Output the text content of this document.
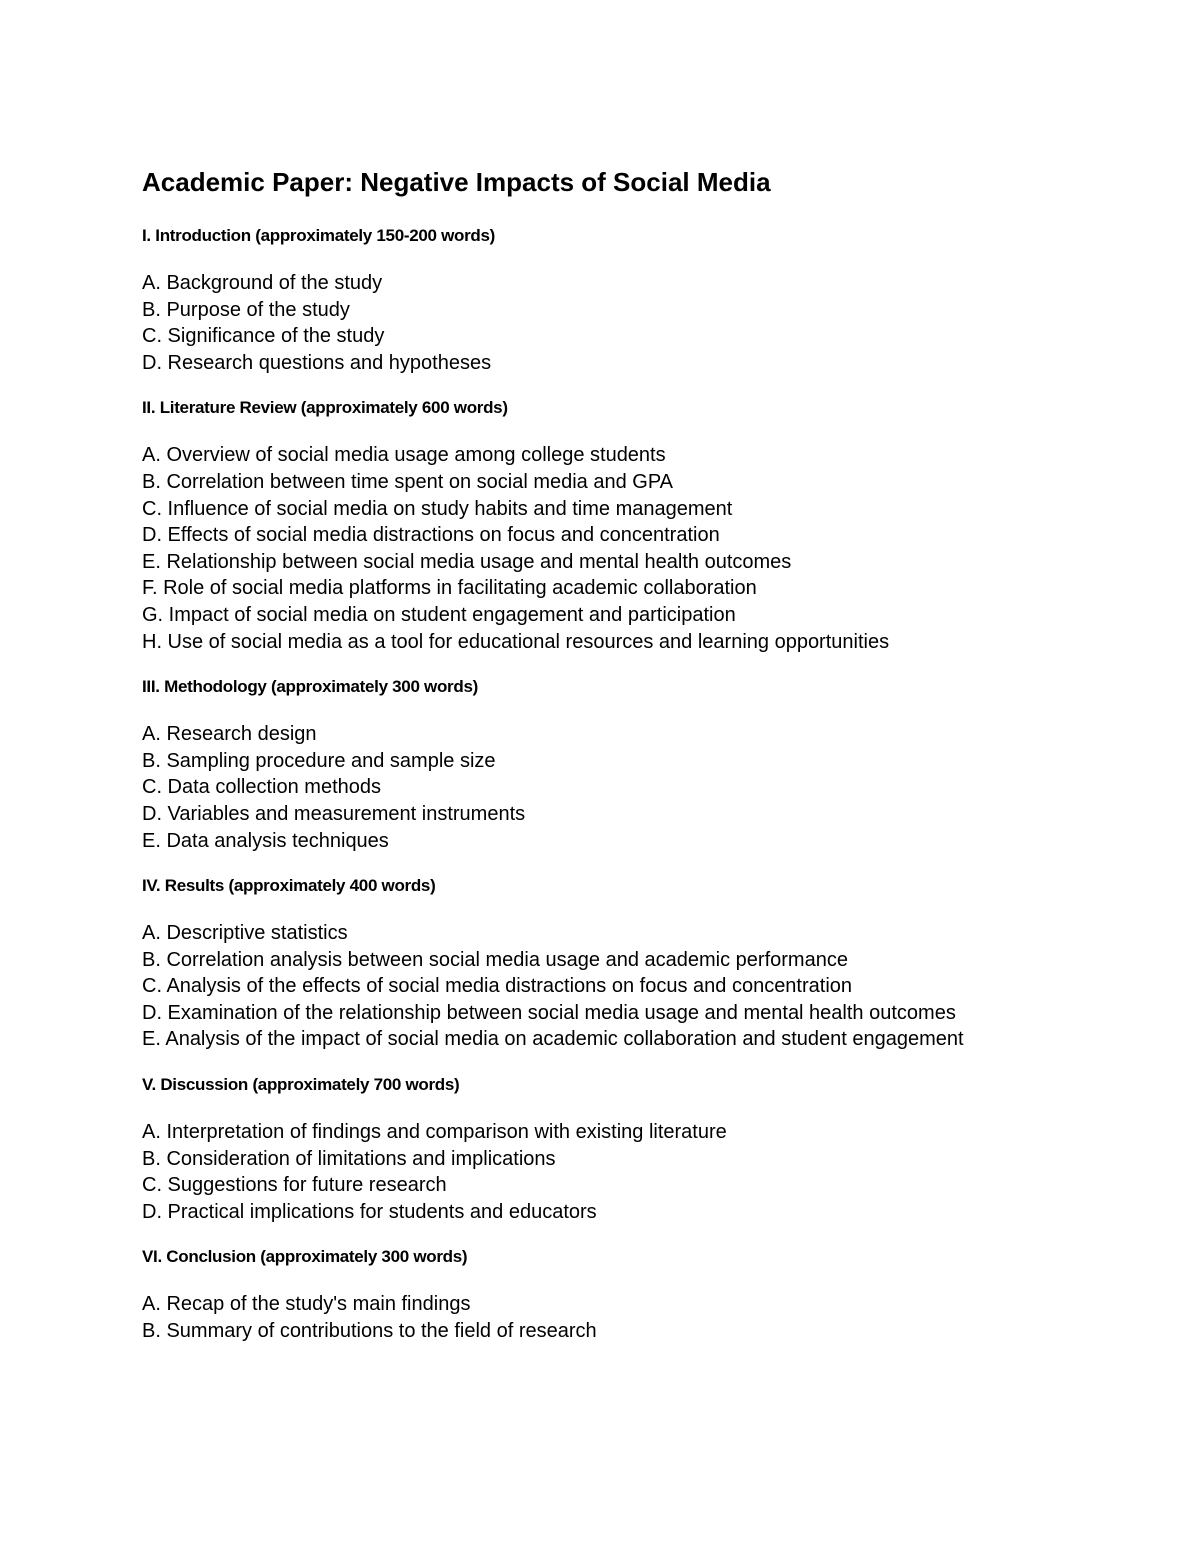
Academic Paper: Negative Impacts of Social Media
I. Introduction (approximately 150-200 words)
A. Background of the study
B. Purpose of the study
C. Significance of the study
D. Research questions and hypotheses
II. Literature Review (approximately 600 words)
A. Overview of social media usage among college students
B. Correlation between time spent on social media and GPA
C. Influence of social media on study habits and time management
D. Effects of social media distractions on focus and concentration
E. Relationship between social media usage and mental health outcomes
F. Role of social media platforms in facilitating academic collaboration
G. Impact of social media on student engagement and participation
H. Use of social media as a tool for educational resources and learning opportunities
III. Methodology (approximately 300 words)
A. Research design
B. Sampling procedure and sample size
C. Data collection methods
D. Variables and measurement instruments
E. Data analysis techniques
IV. Results (approximately 400 words)
A. Descriptive statistics
B. Correlation analysis between social media usage and academic performance
C. Analysis of the effects of social media distractions on focus and concentration
D. Examination of the relationship between social media usage and mental health outcomes
E. Analysis of the impact of social media on academic collaboration and student engagement
V. Discussion (approximately 700 words)
A. Interpretation of findings and comparison with existing literature
B. Consideration of limitations and implications
C. Suggestions for future research
D. Practical implications for students and educators
VI. Conclusion (approximately 300 words)
A. Recap of the study's main findings
B. Summary of contributions to the field of research
